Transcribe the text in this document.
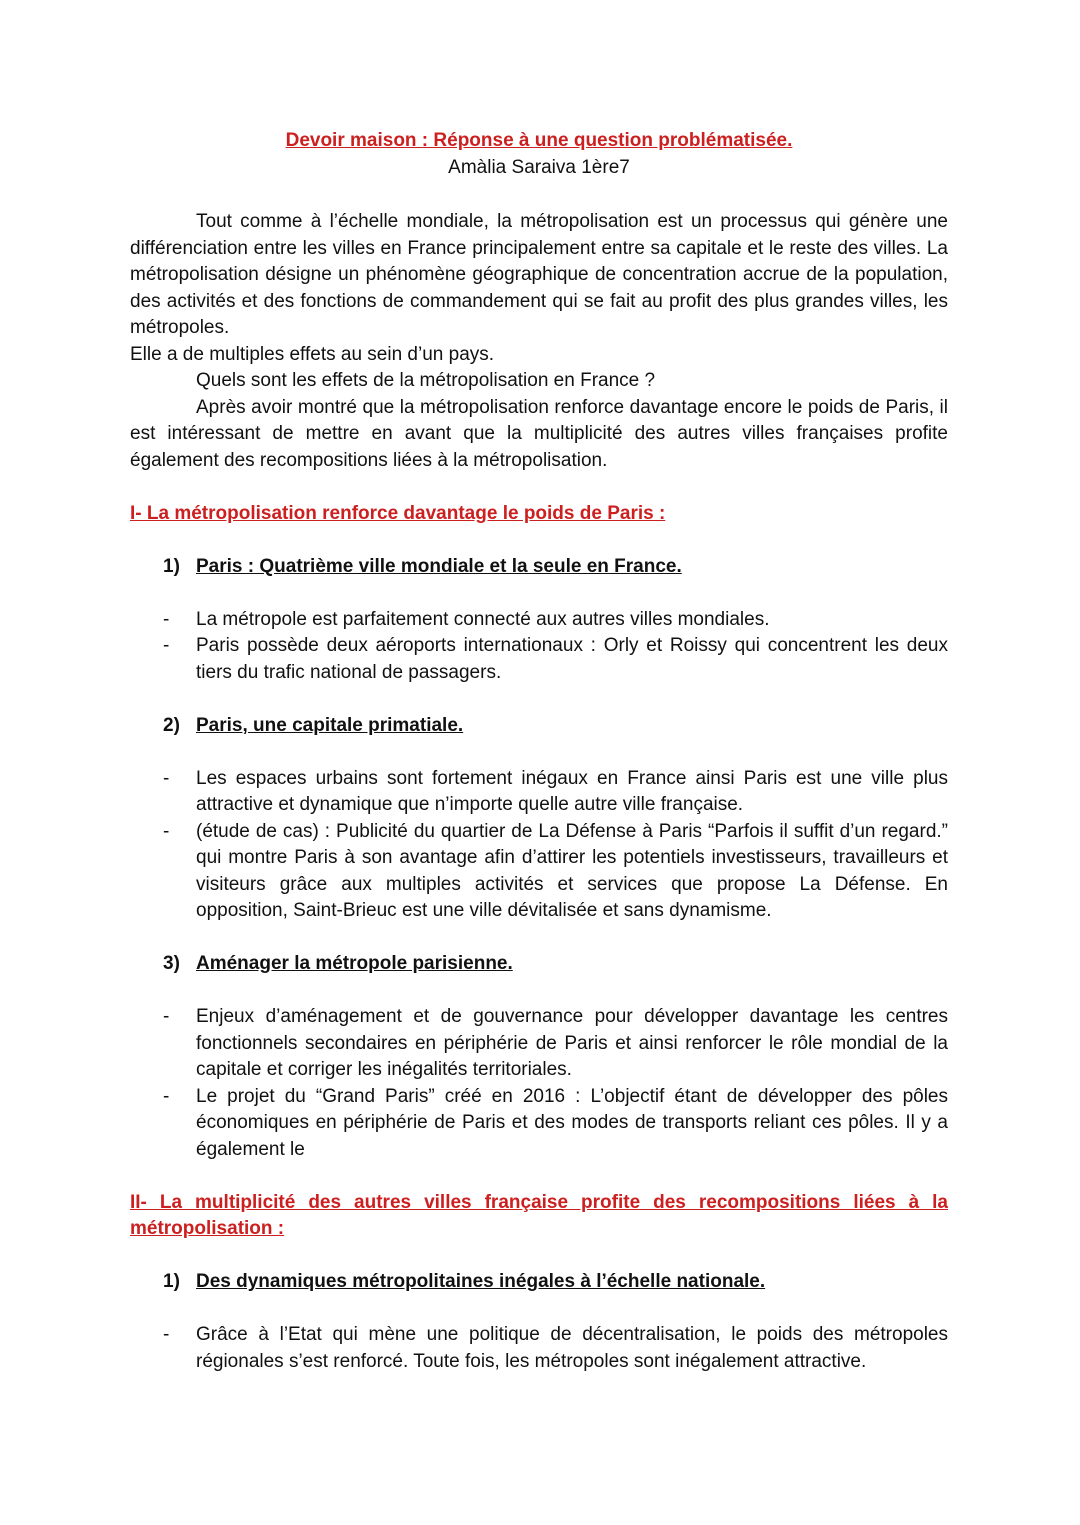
Devoir maison : Réponse à une question problématisée.
Amàlia Saraiva 1ère7

Tout comme à l’échelle mondiale, la métropolisation est un processus qui génère une différenciation entre les villes en France principalement entre sa capitale et le reste des villes. La métropolisation désigne un phénomène géographique de concentration accrue de la population, des activités et des fonctions de commandement qui se fait au profit des plus grandes villes, les métropoles.

Elle a de multiples effets au sein d’un pays.

Quels sont les effets de la métropolisation en France ?

Après avoir montré que la métropolisation renforce davantage encore le poids de Paris, il est intéressant de mettre en avant que la multiplicité des autres villes françaises profite également des recompositions liées à la métropolisation.

I- La métropolisation renforce davantage le poids de Paris :

1) Paris : Quatrième ville mondiale et la seule en France.

-	La métropole est parfaitement connecté aux autres villes mondiales.
-	Paris possède deux aéroports internationaux : Orly et Roissy qui concentrent les deux tiers du trafic national de passagers.

2) Paris, une capitale primatiale.

-	Les espaces urbains sont fortement inégaux en France ainsi Paris est une ville plus attractive et dynamique que n’importe quelle autre ville française.
-	(étude de cas) : Publicité du quartier de La Défense à Paris “Parfois il suffit d’un regard.” qui montre Paris à son avantage afin d’attirer les potentiels investisseurs, travailleurs et visiteurs grâce aux multiples activités et services que propose La Défense. En opposition, Saint-Brieuc est une ville dévitalisée et sans dynamisme.

3) Aménager la métropole parisienne.

-	Enjeux d’aménagement et de gouvernance pour développer davantage les centres fonctionnels secondaires en périphérie de Paris et ainsi renforcer le rôle mondial de la capitale et corriger les inégalités territoriales.
-	Le projet du “Grand Paris” créé en 2016 : L’objectif étant de développer des pôles économiques en périphérie de Paris et des modes de transports reliant ces pôles. Il y a également le

II- La multiplicité des autres villes française profite des recompositions liées à la métropolisation :

1) Des dynamiques métropolitaines inégales à l’échelle nationale.

-	Grâce à l’Etat qui mène une politique de décentralisation, le poids des métropoles régionales s’est renforcé. Toute fois, les métropoles sont inégalement attractive.
